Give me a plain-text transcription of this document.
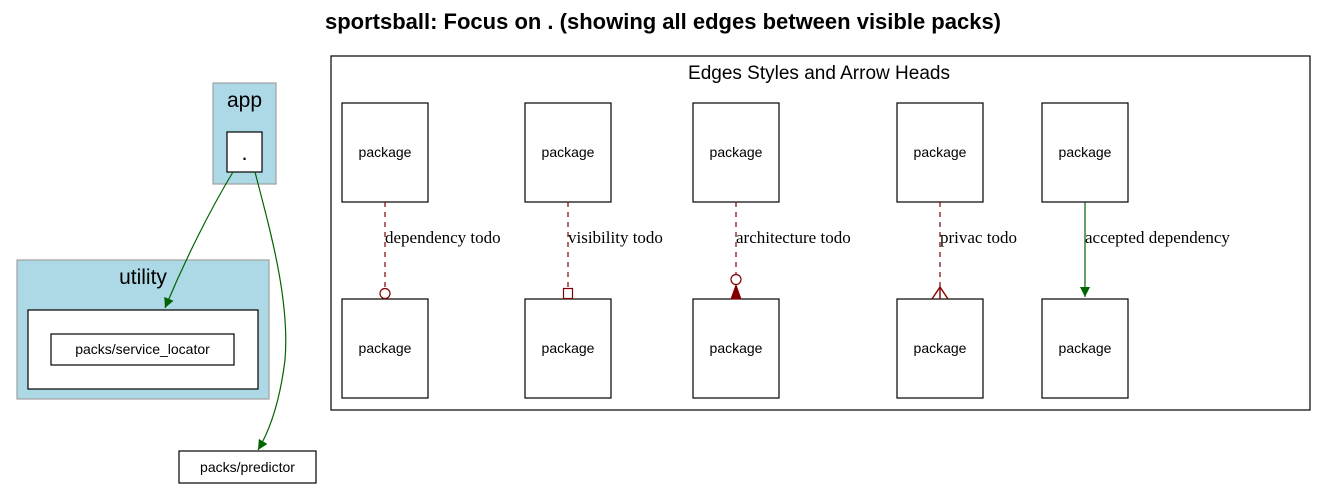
sportsball: Focus on . (showing all edges between visible packs)
app
.
utility
packs/service_locator
packs/predictor
Edges Styles and Arrow Heads
package
package
dependency todo
package
package
visibility todo
package
package
architecture todo
package
package
privac todo
package
package
accepted dependency
